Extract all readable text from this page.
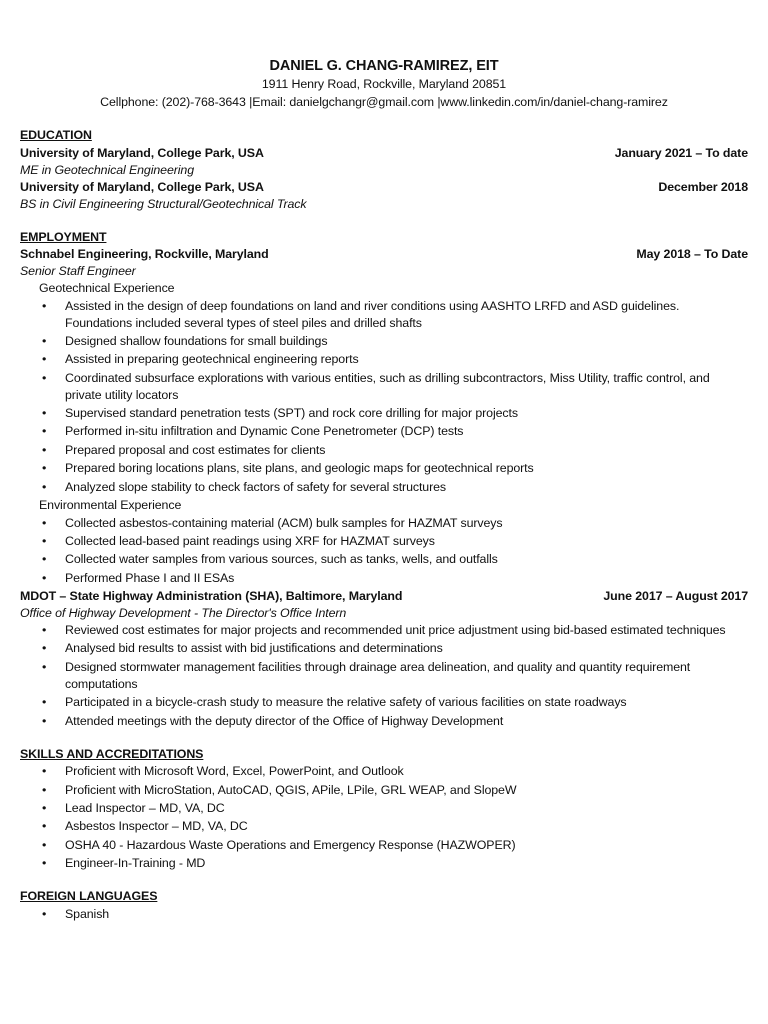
DANIEL G. CHANG-RAMIREZ, EIT
1911 Henry Road, Rockville, Maryland 20851
Cellphone: (202)-768-3643 |Email: danielgchangr@gmail.com |www.linkedin.com/in/daniel-chang-ramirez
EDUCATION
University of Maryland, College Park, USA	January 2021 – To date
ME in Geotechnical Engineering
University of Maryland, College Park, USA	December 2018
BS in Civil Engineering Structural/Geotechnical Track
EMPLOYMENT
Schnabel Engineering, Rockville, Maryland	May 2018 – To Date
Senior Staff Engineer
Geotechnical Experience
• Assisted in the design of deep foundations on land and river conditions using AASHTO LRFD and ASD guidelines. Foundations included several types of steel piles and drilled shafts
• Designed shallow foundations for small buildings
• Assisted in preparing geotechnical engineering reports
• Coordinated subsurface explorations with various entities, such as drilling subcontractors, Miss Utility, traffic control, and private utility locators
• Supervised standard penetration tests (SPT) and rock core drilling for major projects
• Performed in-situ infiltration and Dynamic Cone Penetrometer (DCP) tests
• Prepared proposal and cost estimates for clients
• Prepared boring locations plans, site plans, and geologic maps for geotechnical reports
• Analyzed slope stability to check factors of safety for several structures
Environmental Experience
• Collected asbestos-containing material (ACM) bulk samples for HAZMAT surveys
• Collected lead-based paint readings using XRF for HAZMAT surveys
• Collected water samples from various sources, such as tanks, wells, and outfalls
• Performed Phase I and II ESAs
MDOT – State Highway Administration (SHA), Baltimore, Maryland	June 2017 – August 2017
Office of Highway Development - The Director's Office Intern
• Reviewed cost estimates for major projects and recommended unit price adjustment using bid-based estimated techniques
• Analysed bid results to assist with bid justifications and determinations
• Designed stormwater management facilities through drainage area delineation, and quality and quantity requirement computations
• Participated in a bicycle-crash study to measure the relative safety of various facilities on state roadways
• Attended meetings with the deputy director of the Office of Highway Development
SKILLS AND ACCREDITATIONS
• Proficient with Microsoft Word, Excel, PowerPoint, and Outlook
• Proficient with MicroStation, AutoCAD, QGIS, APile, LPile, GRL WEAP, and SlopeW
• Lead Inspector – MD, VA, DC
• Asbestos Inspector – MD, VA, DC
• OSHA 40 - Hazardous Waste Operations and Emergency Response (HAZWOPER)
• Engineer-In-Training - MD
FOREIGN LANGUAGES
• Spanish
